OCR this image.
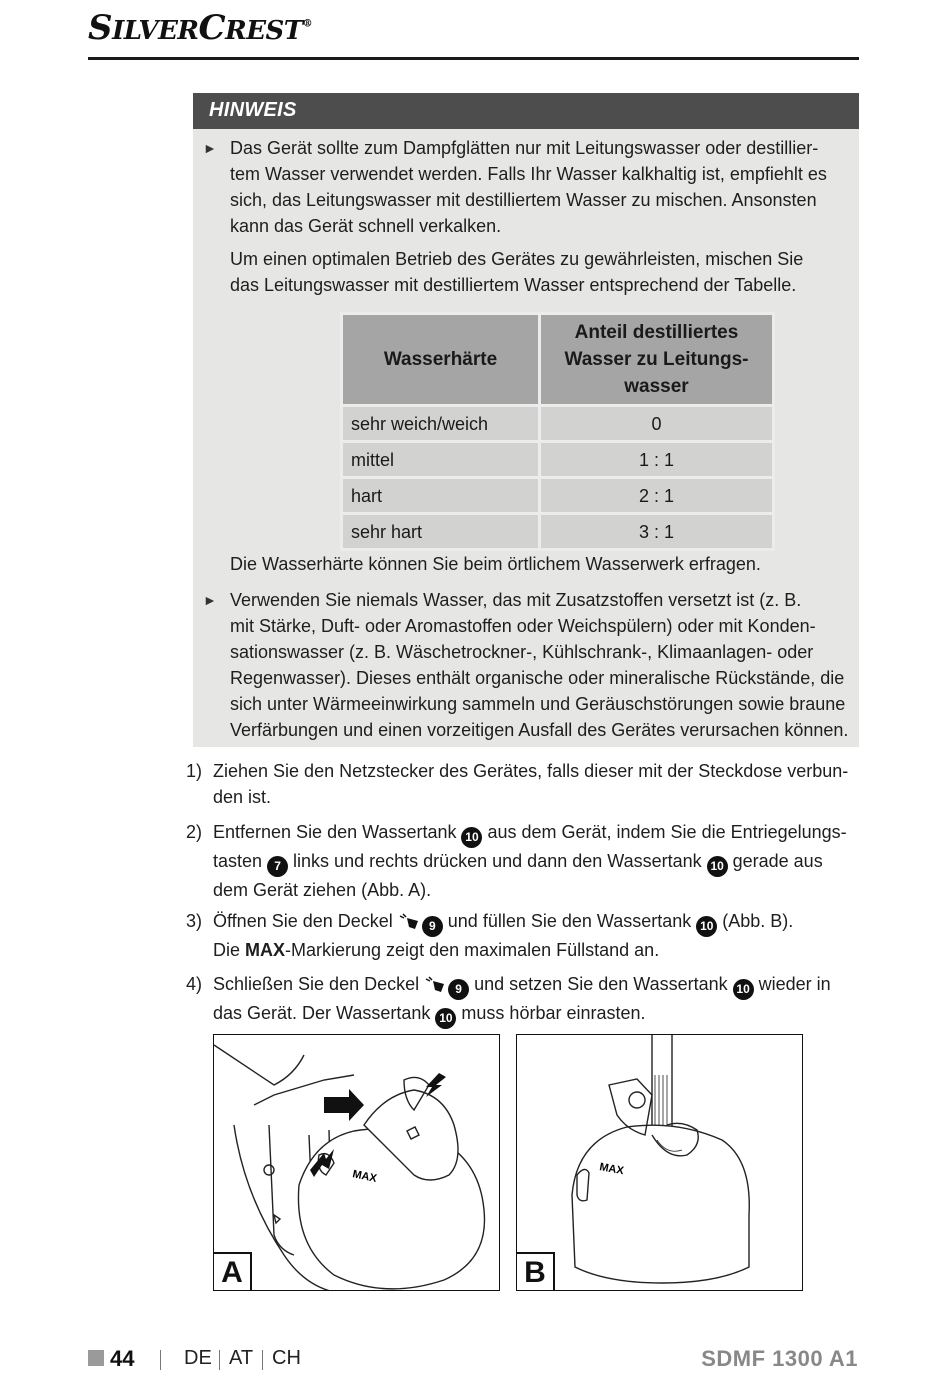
SILVERCREST®
HINWEIS
► Das Gerät sollte zum Dampfglätten nur mit Leitungswasser oder destillier-
tem Wasser verwendet werden. Falls Ihr Wasser kalkhaltig ist, empfiehlt es
sich, das Leitungswasser mit destilliertem Wasser zu mischen. Ansonsten
kann das Gerät schnell verkalken.
Um einen optimalen Betrieb des Gerätes zu gewährleisten, mischen Sie
das Leitungswasser mit destilliertem Wasser entsprechend der Tabelle.
Wasserhärte	Anteil destilliertes
Wasser zu Leitungs-
wasser

sehr weich/weich	0
mittel	1 : 1
hart	2 : 1
sehr hart	3 : 1
Die Wasserhärte können Sie beim örtlichem Wasserwerk erfragen.
► Verwenden Sie niemals Wasser, das mit Zusatzstoffen versetzt ist (z. B.
mit Stärke, Duft- oder Aromastoffen oder Weichspülern) oder mit Konden-
sationswasser (z. B. Wäschetrockner-, Kühlschrank-, Klimaanlagen- oder
Regenwasser). Dieses enthält organische oder mineralische Rückstände, die
sich unter Wärmeeinwirkung sammeln und Geräuschstörungen sowie braune
Verfärbungen und einen vorzeitigen Ausfall des Gerätes verursachen können.
1) Ziehen Sie den Netzstecker des Gerätes, falls dieser mit der Steckdose verbun-
den ist.
2) Entfernen Sie den Wassertank 10 aus dem Gerät, indem Sie die Entriegelungs-
tasten 7 links und rechts drücken und dann den Wassertank 10 gerade aus
dem Gerät ziehen (Abb. A).
3) Öffnen Sie den Deckel	9 und füllen Sie den Wassertank 10 (Abb. B).
Die MAX-Markierung zeigt den maximalen Füllstand an.
4) Schließen Sie den Deckel	9 und setzen Sie den Wassertank 10 wieder in
das Gerät. Der Wassertank 10 muss hörbar einrasten.
MAX
A
MAX
B
44 DE AT CH	SDMF 1300 A1
